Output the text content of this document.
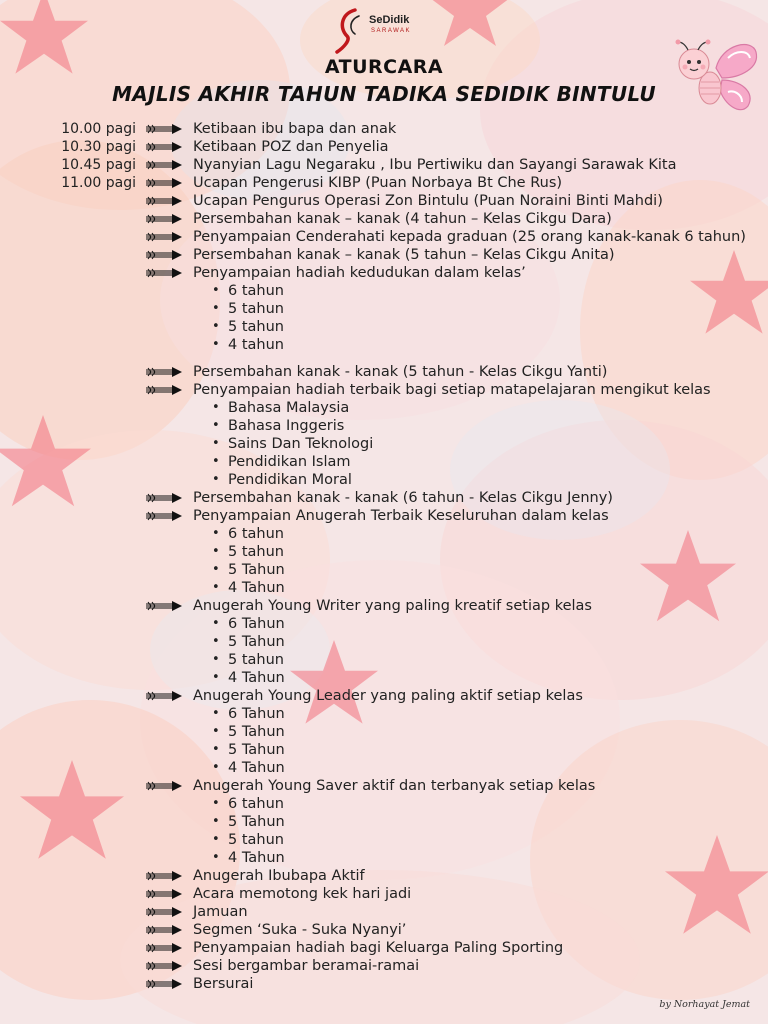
SeDidik
SARAWAK
ATURCARA
MAJLIS AKHIR TAHUN TADIKA SEDIDIK BINTULU
10.00 pagi
10.30 pagi
10.45 pagi
11.00 pagi
Ketibaan ibu bapa dan anak
Ketibaan POZ dan Penyelia
Nyanyian Lagu Negaraku , Ibu Pertiwiku dan Sayangi Sarawak Kita
Ucapan Pengerusi KIBP (Puan Norbaya Bt Che Rus)
Ucapan Pengurus Operasi Zon Bintulu (Puan Noraini Binti Mahdi)
Persembahan kanak – kanak (4 tahun – Kelas Cikgu Dara)
Penyampaian Cenderahati kepada graduan (25 orang kanak-kanak 6 tahun)
Persembahan kanak – kanak (5 tahun – Kelas Cikgu Anita)
Penyampaian hadiah kedudukan dalam kelas’
• 6 tahun
• 5 tahun
• 5 tahun
• 4 tahun
Persembahan kanak - kanak (5 tahun - Kelas Cikgu Yanti)
Penyampaian hadiah terbaik bagi setiap matapelajaran mengikut kelas
• Bahasa Malaysia
• Bahasa Inggeris
• Sains Dan Teknologi
• Pendidikan Islam
• Pendidikan Moral
Persembahan kanak - kanak (6 tahun - Kelas Cikgu Jenny)
Penyampaian Anugerah Terbaik Keseluruhan dalam kelas
• 6 tahun
• 5 tahun
• 5 Tahun
• 4 Tahun
Anugerah Young Writer yang paling kreatif setiap kelas
• 6 Tahun
• 5 Tahun
• 5 tahun
• 4 Tahun
Anugerah Young Leader yang paling aktif setiap kelas
• 6 Tahun
• 5 Tahun
• 5 Tahun
• 4 Tahun
Anugerah Young Saver aktif dan terbanyak setiap kelas
• 6 tahun
• 5 Tahun
• 5 tahun
• 4 Tahun
Anugerah Ibubapa Aktif
Acara memotong kek hari jadi
Jamuan
Segmen ‘Suka - Suka Nyanyi’
Penyampaian hadiah bagi Keluarga Paling Sporting
Sesi bergambar beramai-ramai
Bersurai
by Norhayat Jemat
